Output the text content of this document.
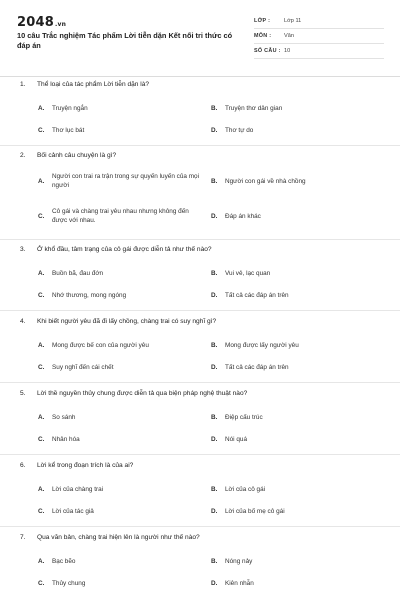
2048.vn
10 câu Trắc nghiệm Tác phẩm Lời tiễn dặn Kết nối tri thức có đáp án
LỚP : Lớp 11
MÔN : Văn
SỐ CÂU : 10
1. Thể loại của tác phẩm Lời tiễn dặn là?
A.	Truyện ngắn	B.	Truyện thơ dân gian
C.	Thơ lục bát	D.	Thơ tự do
2. Bối cảnh câu chuyện là gì?
A.
Người con trai ra trận trong sự quyến luyến của mọi người
B.	Người con gái về nhà chồng
C.
Cô gái và chàng trai yêu nhau nhưng không đến được với nhau.
D.	Đáp án khác
3. Ở khổ đầu, tâm trạng của cô gái được diễn tả như thế nào?
A.	Buồn bã, đau đớn	B.	Vui vẻ, lạc quan
C.	Nhớ thương, mong ngóng	D.	Tất cả các đáp án trên
4. Khi biết người yêu đã đi lấy chồng, chàng trai có suy nghĩ gì?
A.	Mong được bế con của người yêu	B.	Mong được lấy người yêu
C.	Suy nghĩ đến cái chết	D.	Tất cả các đáp án trên
5. Lời thề nguyền thủy chung được diễn tả qua biện pháp nghệ thuật nào?
A.	So sánh	B.	Điệp cấu trúc
C.	Nhân hóa	D.	Nói quá
6. Lời kể trong đoạn trích là của ai?
A.	Lời của chàng trai	B.	Lời của cô gái
C.	Lời của tác giả	D.	Lời của bố mẹ cô gái
7. Qua văn bản, chàng trai hiện lên là người như thế nào?
A.	Bạc bẽo	B.	Nóng nảy
C.	Thủy chung	D.	Kiên nhẫn
